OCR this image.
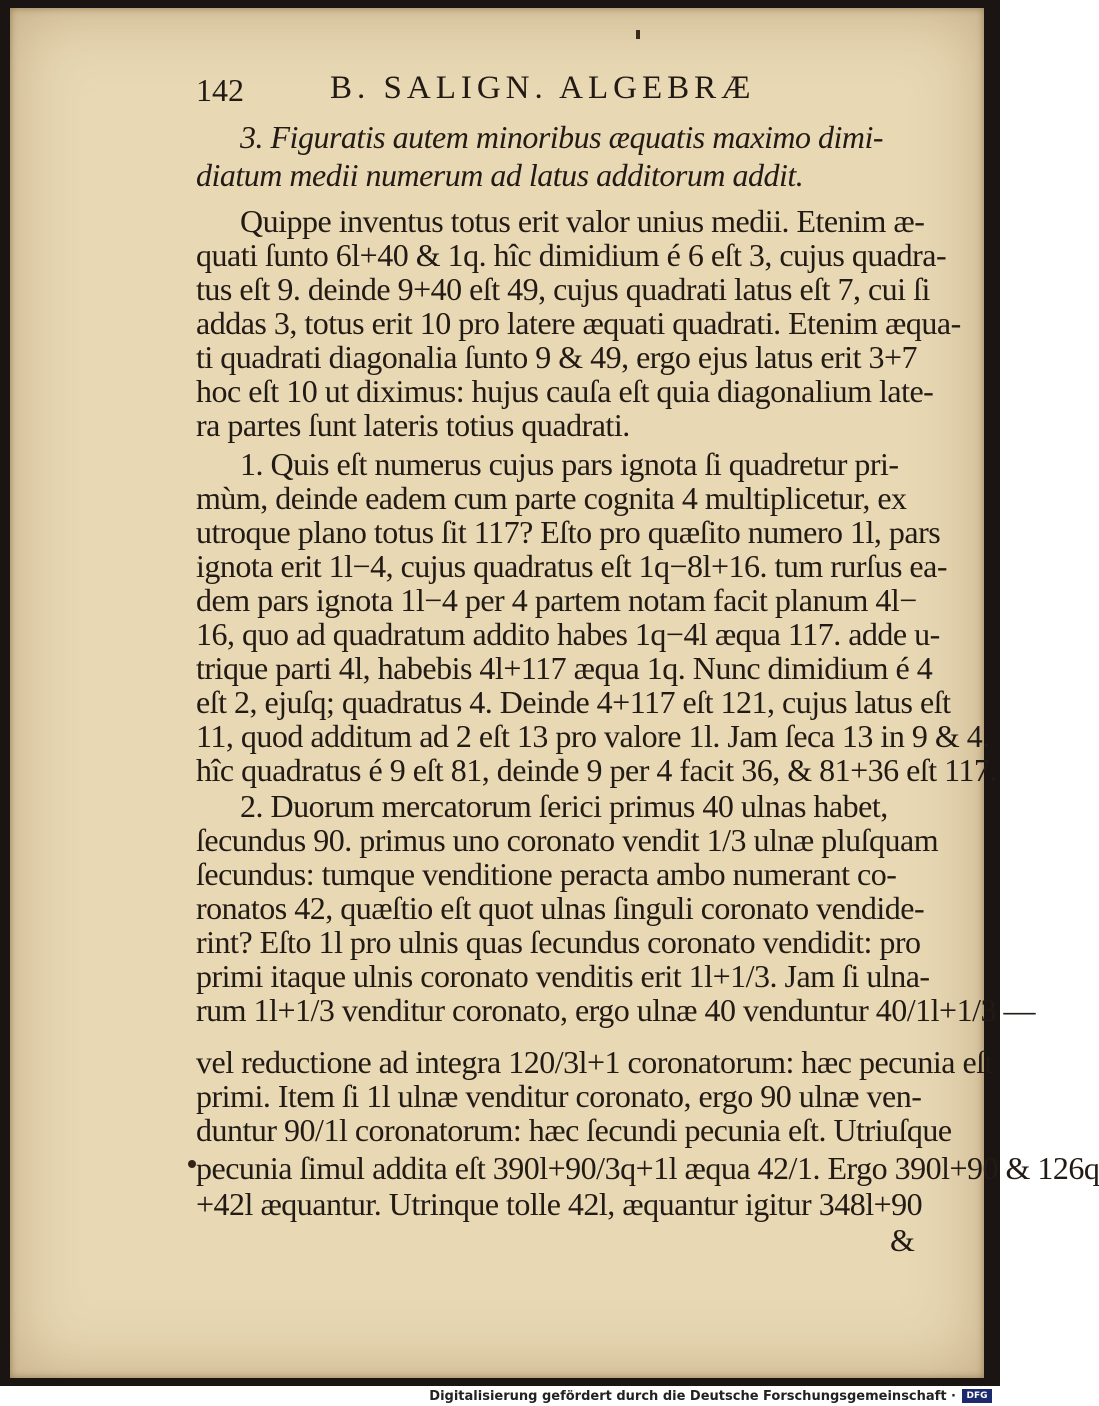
142	B. SALIGN. ALGEBRÆ
3. Figuratis autem minoribus æquatis maximo dimi-
diatum medii numerum ad latus additorum addit.
Quippe inventus totus erit valor unius medii. Etenim æ-
quati ſunto 6l+40 & 1q. hîc dimidium é 6 eſt 3, cujus quadra-
tus eſt 9. deinde 9+40 eſt 49, cujus quadrati latus eſt 7, cui ſi
addas 3, totus erit 10 pro latere æquati quadrati. Etenim æqua-
ti quadrati diagonalia ſunto 9 & 49, ergo ejus latus erit 3+7
hoc eſt 10 ut diximus: hujus cauſa eſt quia diagonalium late-
ra partes ſunt lateris totius quadrati.
1. Quis eſt numerus cujus pars ignota ſi quadretur pri-
mùm, deinde eadem cum parte cognita 4 multiplicetur, ex
utroque plano totus ſit 117? Eſto pro quæſito numero 1l, pars
ignota erit 1l−4, cujus quadratus eſt 1q−8l+16. tum rurſus ea-
dem pars ignota 1l−4 per 4 partem notam facit planum 4l−
16, quo ad quadratum addito habes 1q−4l æqua 117. adde u-
trique parti 4l, habebis 4l+117 æqua 1q. Nunc dimidium é 4
eſt 2, ejuſq; quadratus 4. Deinde 4+117 eſt 121, cujus latus eſt
11, quod additum ad 2 eſt 13 pro valore 1l. Jam ſeca 13 in 9 & 4.
hîc quadratus é 9 eſt 81, deinde 9 per 4 facit 36, & 81+36 eſt 117.
2. Duorum mercatorum ſerici primus 40 ulnas habet,
ſecundus 90. primus uno coronato vendit 1/3 ulnæ pluſquam
ſecundus: tumque venditione peracta ambo numerant co-
ronatos 42, quæſtio eſt quot ulnas ſinguli coronato vendide-
rint? Eſto 1l pro ulnis quas ſecundus coronato vendidit: pro
primi itaque ulnis coronato venditis erit 1l+1/3. Jam ſi ulna-
rum 1l+1/3 venditur coronato, ergo ulnæ 40 venduntur 40/1l+1/3 —
vel reductione ad integra 120/3l+1 coronatorum: hæc pecunia eſt
primi. Item ſi 1l ulnæ venditur coronato, ergo 90 ulnæ ven-
duntur 90/1l coronatorum: hæc ſecundi pecunia eſt. Utriuſque
pecunia ſimul addita eſt 390l+90/3q+1l æqua 42/1. Ergo 390l+90 & 126q
+42l æquantur. Utrinque tolle 42l, æquantur igitur 348l+90
&
Digitalisierung gefördert durch die Deutsche Forschungsgemeinschaft ·	DFG
